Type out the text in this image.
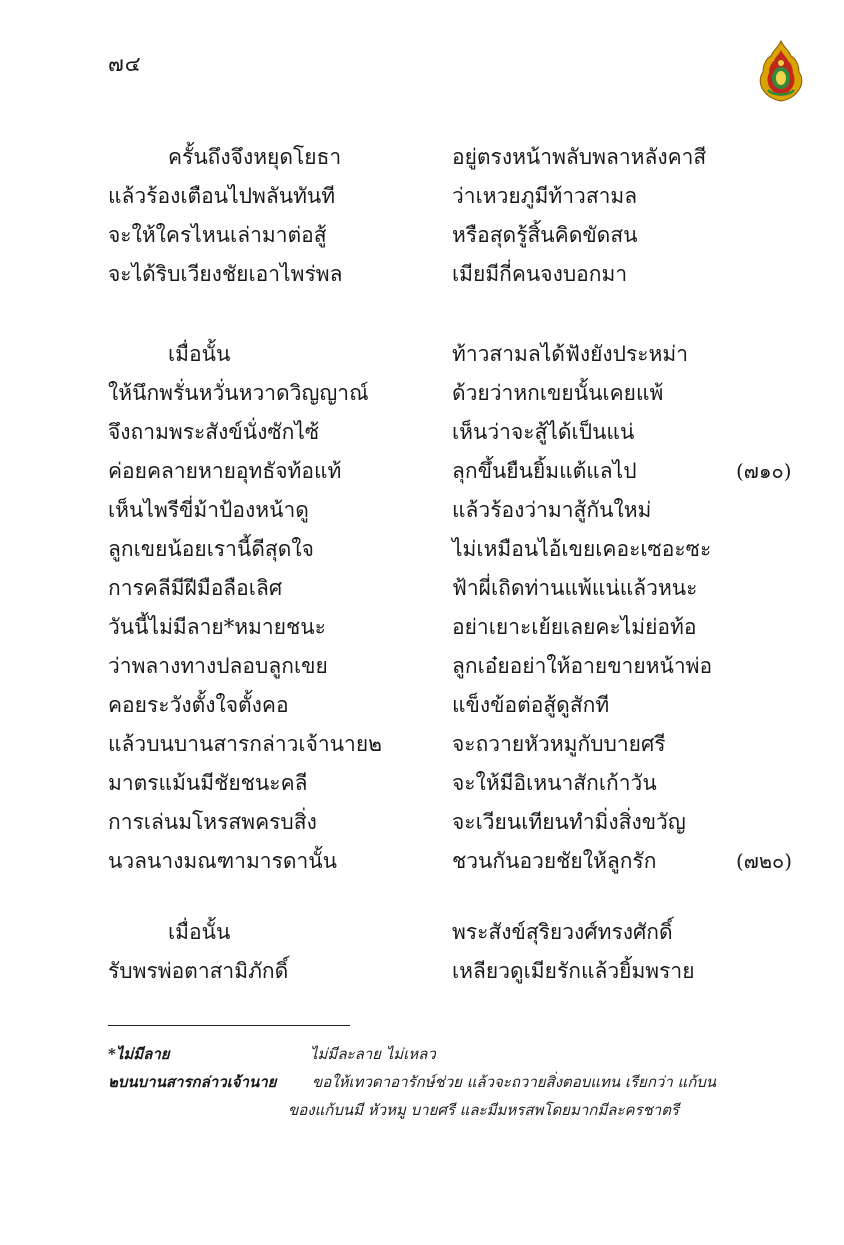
๗๔
ครั้นถึงจึงหยุดโยธา	อยู่ตรงหน้าพลับพลาหลังคาสี
แล้วร้องเตือนไปพลันทันที	ว่าเหวยภูมีท้าวสามล
จะให้ใครไหนเล่ามาต่อสู้	หรือสุดรู้สิ้นคิดขัดสน
จะได้ริบเวียงชัยเอาไพร่พล	เมียมีกี่คนจงบอกมา
เมื่อนั้น	ท้าวสามลได้ฟังยังประหม่า
ให้นึกพรั่นหวั่นหวาดวิญญาณ์	ด้วยว่าหกเขยนั้นเคยแพ้
จึงถามพระสังข์นั่งซักไซ้	เห็นว่าจะสู้ได้เป็นแน่
ค่อยคลายหายอุทธัจท้อแท้	ลุกขึ้นยืนยิ้มแต้แลไป	(๗๑๐)
เห็นไพรีขี่ม้าป้องหน้าดู	แล้วร้องว่ามาสู้กันใหม่
ลูกเขยน้อยเรานี้ดีสุดใจ	ไม่เหมือนไอ้เขยเคอะเซอะซะ
การคลีมีฝีมือลือเลิศ	ฟ้าผี่เถิดท่านแพ้แน่แล้วหนะ
วันนี้ไม่มีลาย*หมายชนะ	อย่าเยาะเย้ยเลยคะไม่ย่อท้อ
ว่าพลางทางปลอบลูกเขย	ลูกเอ๋ยอย่าให้อายขายหน้าพ่อ
คอยระวังตั้งใจตั้งคอ	แข็งข้อต่อสู้ดูสักที
แล้วบนบานสารกล่าวเจ้านาย๒	จะถวายหัวหมูกับบายศรี
มาตรแม้นมีชัยชนะคลี	จะให้มีอิเหนาสักเก้าวัน
การเล่นมโหรสพครบสิ่ง	จะเวียนเทียนทำมิ่งสิ่งขวัญ
นวลนางมณฑามารดานั้น	ชวนกันอวยชัยให้ลูกรัก	(๗๒๐)
เมื่อนั้น	พระสังข์สุริยวงศ์ทรงศักดิ์
รับพรพ่อตาสามิภักดิ์	เหลียวดูเมียรักแล้วยิ้มพราย
*ไม่มีลาย	ไม่มีละลาย ไม่เหลว
๒บนบานสารกล่าวเจ้านาย ขอให้เทวดาอารักษ์ช่วย แล้วจะถวายสิ่งตอบแทน เรียกว่า แก้บน
ของแก้บนมี หัวหมู บายศรี และมีมหรสพโดยมากมีละครชาตรี
